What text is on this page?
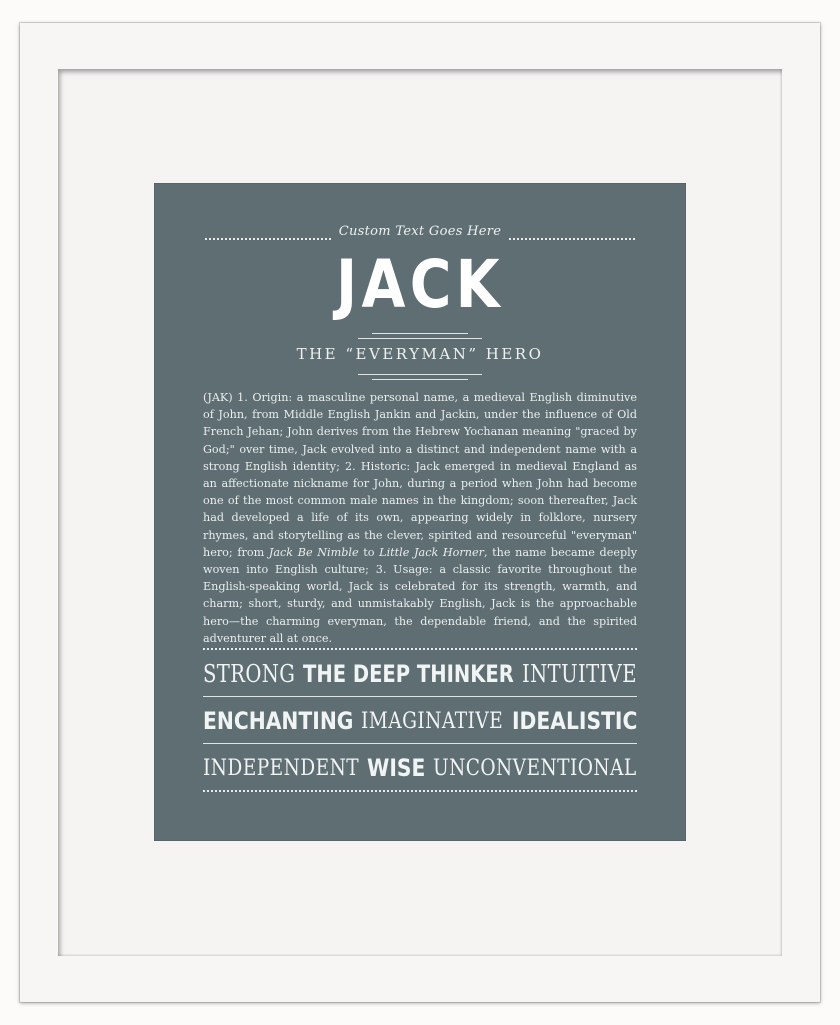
Custom Text Goes Here
JACK
THE “EVERYMAN” HERO

(JAK) 1. Origin: a masculine personal name, a medieval English diminutive of John, from Middle English Jankin and Jackin, under the influence of Old French Jehan; John derives from the Hebrew Yochanan meaning "graced by God;" over time, Jack evolved into a distinct and independent name with a strong English identity; 2. Historic: Jack emerged in medieval England as an affectionate nickname for John, during a period when John had become one of the most common male names in the kingdom; soon thereafter, Jack had developed a life of its own, appearing widely in folklore, nursery rhymes, and storytelling as the clever, spirited and resourceful "everyman" hero; from Jack Be Nimble to Little Jack Horner, the name became deeply woven into English culture; 3. Usage: a classic favorite throughout the English-speaking world, Jack is celebrated for its strength, warmth, and charm; short, sturdy, and unmistakably English, Jack is the approachable hero—the charming everyman, the dependable friend, and the spirited adventurer all at once.

STRONG THE DEEP THINKER INTUITIVE
ENCHANTING IMAGINATIVE IDEALISTIC
INDEPENDENT WISE UNCONVENTIONAL
